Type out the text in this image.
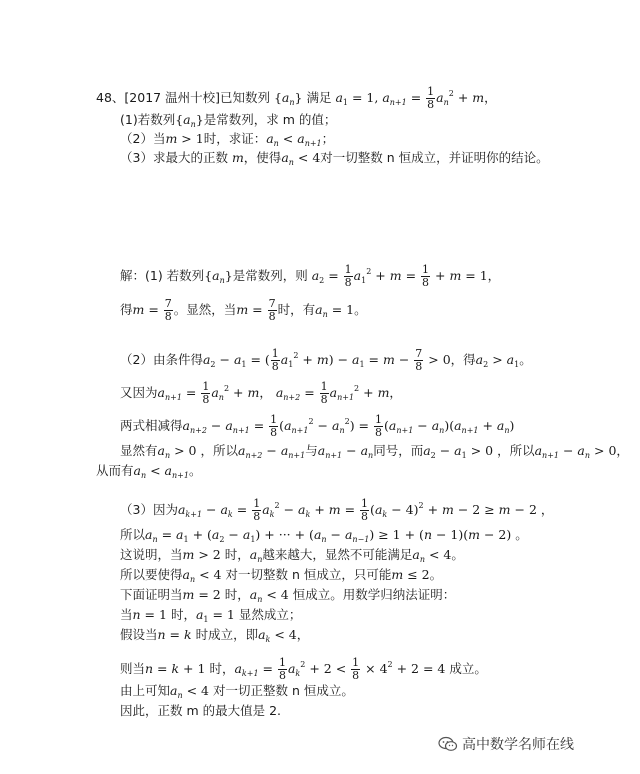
48、[2017 温州十校]已知数列 $\{a_n\}$ 满足 $a_1 = 1$, $a_{n+1} = \frac{1}{8} a_n^2 + m$，
(1)若数列$\{a_n\}$是常数列，求 m 的值；
（2）当m > 1时，求证：$a_n < a_{n+1}$；
（3）求最大的正数 m，使得$a_n < 4$对一切整数 n 恒成立，并证明你的结论。
解：(1) 若数列$\{a_n\}$是常数列，则 $a_2 = \frac{1}{8} a_1^2 + m = \frac{1}{8} + m = 1$，
得$m = \frac{7}{8}$ 。显然，当$m = \frac{7}{8}$ 时，有$a_n = 1$。
（2）由条件得$a_2 - a_1$ = ( $\frac{1}{8} a_1^2 + m) - a_1 = m - \frac{7}{8} > 0$，得$a_2 > a_1$。
又因为$a_{n+1} = \frac{1}{8} a_n^2 + m$， $a_{n+2} = \frac{1}{8} a_{n+1}^2 + m$，
两式相减得$a_{n+2} - a_{n+1} = \frac{1}{8} (a_{n+1}^2 - a_n^2) = \frac{1}{8} (a_{n+1} - a_n)(a_{n+1} + a_n)$
显然有$a_n > 0$ ，所以$a_{n+2} - a_{n+1}$与$a_{n+1} - a_n$同号，而$a_2 - a_1 > 0$ ，所以$a_{n+1} - a_n > 0$，
从而有$a_n < a_{n+1}$。
（3）因为$a_{k+1} - a_k = \frac{1}{8} a_k^2 - a_k + m = \frac{1}{8} (a_k - 4)^2 + m - 2 \ge m - 2$ ，
所以$a_n = a_1 + (a_2 - a_1)$ + ··· + $(a_n - a_{n-1}) \ge 1 + (n - 1)(m - 2)$ 。
这说明，当m > 2 时，$a_n$越来越大，显然不可能满足$a_n < 4$。
所以要使得$a_n < 4$ 对一切整数 n 恒成立，只可能m ≤ 2。
下面证明当m = 2 时，$a_n < 4$ 恒成立。用数学归纳法证明：
当n = 1 时，$a_1 = 1$ 显然成立；
假设当n = k 时成立，即$a_k < 4$，
则当n = k + 1 时，$a_{k+1} = \frac{1}{8} a_k^2 + 2 < \frac{1}{8} \times 4^2 + 2 = 4$ 成立。
由上可知$a_n < 4$ 对一切正整数 n 恒成立。
因此，正数 m 的最大值是 2.
高中数学名师在线
